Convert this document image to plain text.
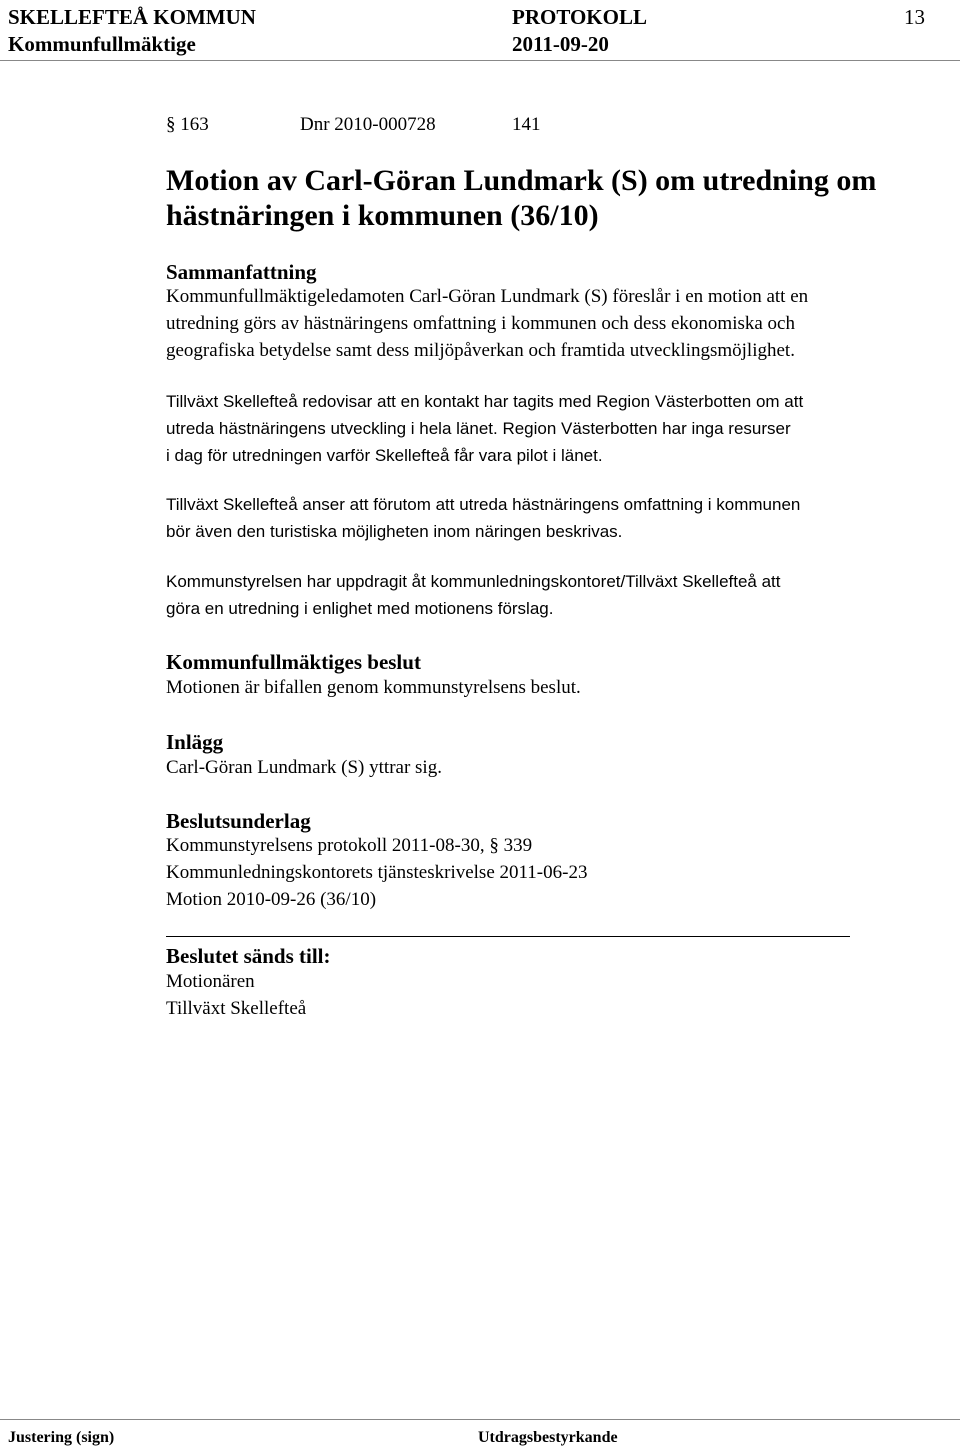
SKELLEFTEÅ KOMMUN	PROTOKOLL	13
Kommunfullmäktige	2011-09-20
§ 163	Dnr 2010-000728	141
Motion av Carl-Göran Lundmark (S) om utredning om
hästnäringen i kommunen (36/10)
Sammanfattning
Kommunfullmäktigeledamoten Carl-Göran Lundmark (S) föreslår i en motion att en
utredning görs av hästnäringens omfattning i kommunen och dess ekonomiska och
geografiska betydelse samt dess miljöpåverkan och framtida utvecklingsmöjlighet.
Tillväxt Skellefteå redovisar att en kontakt har tagits med Region Västerbotten om att
utreda hästnäringens utveckling i hela länet. Region Västerbotten har inga resurser
i dag för utredningen varför Skellefteå får vara pilot i länet.
Tillväxt Skellefteå anser att förutom att utreda hästnäringens omfattning i kommunen
bör även den turistiska möjligheten inom näringen beskrivas.
Kommunstyrelsen har uppdragit åt kommunledningskontoret/Tillväxt Skellefteå att
göra en utredning i enlighet med motionens förslag.
Kommunfullmäktiges beslut
Motionen är bifallen genom kommunstyrelsens beslut.
Inlägg
Carl-Göran Lundmark (S) yttrar sig.
Beslutsunderlag
Kommunstyrelsens protokoll 2011-08-30, § 339
Kommunledningskontorets tjänsteskrivelse 2011-06-23
Motion 2010-09-26 (36/10)
Beslutet sänds till:
Motionären
Tillväxt Skellefteå
Justering (sign)	Utdragsbestyrkande
